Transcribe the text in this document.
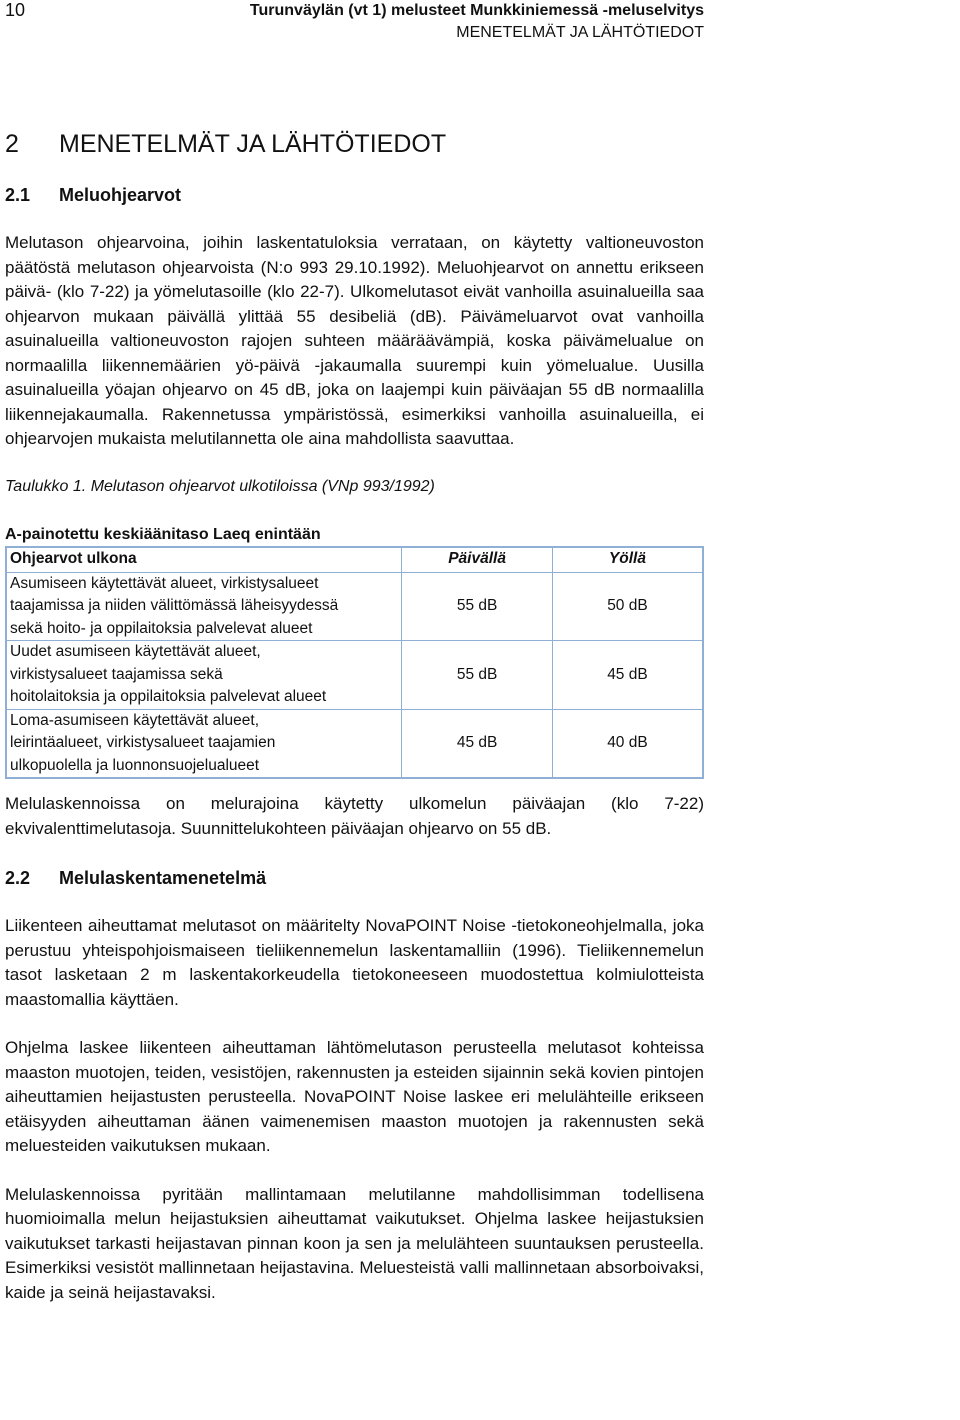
10	Turunväylän (vt 1) melusteet Munkkiniemessä -meluselvitys
MENETELMÄT JA LÄHTÖTIEDOT
2 MENETELMÄT JA LÄHTÖTIEDOT
2.1 Meluohjearvot

Melutason ohjearvoina, joihin laskentatuloksia verrataan, on käytetty valtioneuvoston päätöstä melutason ohjearvoista (N:o 993 29.10.1992). Meluohjearvot on annettu erikseen päivä- (klo 7-22) ja yömelutasoille (klo 22-7). Ulkomelutasot eivät vanhoilla asuinalueilla saa ohjearvon mukaan päivällä ylittää 55 desibeliä (dB). Päivämeluarvot ovat vanhoilla asuinalueilla valtioneuvoston rajojen suhteen määräävämpiä, koska päivämelualue on normaalilla liikennemäärien yö-päivä -jakaumalla suurempi kuin yömelualue. Uusilla asuinalueilla yöajan ohjearvo on 45 dB, joka on laajempi kuin päiväajan 55 dB normaalilla liikennejakaumalla. Rakennetussa ympäristössä, esimerkiksi vanhoilla asuinalueilla, ei ohjearvojen mukaista melutilannetta ole aina mahdollista saavuttaa.

Taulukko 1. Melutason ohjearvot ulkotiloissa (VNp 993/1992)

A-painotettu keskiäänitaso Laeq enintään

Ohjearvot ulkona	Päivällä	Yöllä

Asumiseen käytettävät alueet, virkistysalueet
taajamissa ja niiden välittömässä läheisyydessä
sekä hoito- ja oppilaitoksia palvelevat alueet	55 dB	50 dB

Uudet asumiseen käytettävät alueet,
virkistysalueet taajamissa sekä
hoitolaitoksia ja oppilaitoksia palvelevat alueet	55 dB	45 dB

Loma-asumiseen käytettävät alueet,
leirintäalueet, virkistysalueet taajamien
ulkopuolella ja luonnonsuojelualueet	45 dB	40 dB

Melulaskennoissa on melurajoina käytetty ulkomelun päiväajan (klo 7-22) ekvivalenttimelutasoja. Suunnittelukohteen päiväajan ohjearvo on 55 dB.

2.2 Melulaskentamenetelmä

Liikenteen aiheuttamat melutasot on määritelty NovaPOINT Noise -tietokoneohjelmalla, joka perustuu yhteispohjoismaiseen tieliikennemelun laskentamalliin (1996). Tieliikennemelun tasot lasketaan 2 m laskentakorkeudella tietokoneeseen muodostettua kolmiulotteista maastomallia käyttäen.

Ohjelma laskee liikenteen aiheuttaman lähtömelutason perusteella melutasot kohteissa maaston muotojen, teiden, vesistöjen, rakennusten ja esteiden sijainnin sekä kovien pintojen aiheuttamien heijastusten perusteella. NovaPOINT Noise laskee eri melulähteille erikseen etäisyyden aiheuttaman äänen vaimenemisen maaston muotojen ja rakennusten sekä meluesteiden vaikutuksen mukaan.

Melulaskennoissa pyritään mallintamaan melutilanne mahdollisimman todellisena huomioimalla melun heijastuksien aiheuttamat vaikutukset. Ohjelma laskee heijastuksien vaikutukset tarkasti heijastavan pinnan koon ja sen ja melulähteen suuntauksen perusteella. Esimerkiksi vesistöt mallinnetaan heijastavina. Meluesteistä valli mallinnetaan absorboivaksi, kaide ja seinä heijastavaksi.
